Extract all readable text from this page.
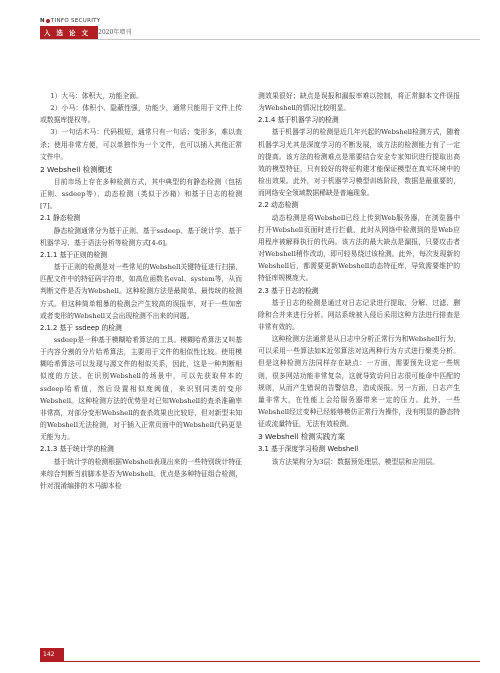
N TINFO SECURITY
入选论文 2020年增刊

1）大马：体积大，功能全面。

2）小马：体积小、隐蔽性强，功能少，通常只能用于文件上传或数据库提权等。

3）一句话木马：代码极短，通常只有一句话；变形多，难以查杀；使用非常方便，可以单独作为一个文件，也可以插入其他正常文件中。

2 Webshell 检测概述

目前市场上存在多种检测方式，其中典型的有静态检测（包括正则、ssdeep等）、动态检测（类似于沙箱）和基于日志的检测[7]。

2.1 静态检测

静态检测通常分为基于正则、基于ssdeep、基于统计学、基于机器学习、基于语法分析等检测方式[4-6]。

2.1.1 基于正则的检测

基于正则的检测是对一些常见的Webshell关键特征进行扫描，匹配文件中的特征码字符串，如高危函数名eval、system等，从而判断文件是否为Webshell。这种检测方法是最简单、最传统的检测方式。但这种简单粗暴的检测会产生较高的误报率，对于一些加密或者变形的Webshell又会出现检测不出来的问题。

2.1.2 基于 ssdeep 的检测

ssdeep是一种基于模糊哈希算法的工具。模糊哈希算法又叫基于内容分割的分片哈希算法，主要用于文件的相似性比较。使用模糊哈希算法可以发现与源文件的相似关系，因此，这是一种判断相似度的方法。在识别Webshell的场景中，可以先获取样本的ssdeep哈希值，然后设置相似度阈值，来识别同类的变形Webshell。这种检测方法的优势是对已知Webshell的查杀准确率非常高，对部分变形Webshell的查杀效果也比较好，但对新型未知的Webshell无法检测，对于插入正常页面中的Webshell代码更是无能为力。

2.1.3 基于统计学的检测

基于统计学的检测根据Webshell表现出来的一些特别统计特征来综合判断当前脚本是否为Webshell。优点是多种特征组合检测，针对混淆编排的木马脚本检

测效果很好；缺点是误报和漏报率难以控制，将正常脚本文件误报为Webshell的情况比较明显。

2.1.4 基于机器学习的检测

基于机器学习的检测是近几年兴起的Webshell检测方式，随着机器学习尤其是深度学习的不断发展，该方法的检测能力有了一定的提高。该方法的检测难点是需要结合安全专家知识进行提取出高效的模型特征，只有较好的特征构建才能保证模型在真实环境中的检出效果。此外，对于机器学习模型训练阶段，数据是最重要的，而网络安全领域数据稀缺是普遍现象。

2.2 动态检测

动态检测是将Webshell已经上传到Web服务器，在浏览器中打开Webshell页面时进行拦截，此时从网络中检测到的是Web应用程序被解释执行的代码。该方法的最大缺点是漏报，只要攻击者对Webshell稍作改动，即可轻易绕过该检测。此外，每次发现新的Webshell后，都需要更新Webshell动态特征库，导致需要维护的特征库规模庞大。

2.3 基于日志的检测

基于日志的检测是通过对日志记录进行提取、分解、过滤、删除和合并来进行分析。网站系统被入侵后采用这种方法进行排查是非常有效的。

这种检测方法通常是从日志中分析正常行为和Webshell行为，可以采用一些算法如K近邻算法对这两种行为方式进行聚类分析。但是这种检测方法同样存在缺点：一方面，需要预先设定一些规则，很多网站功能非常复杂，这就导致访问日志很可能命中匹配的规则，从而产生错误的告警信息，造成误报。另一方面，日志产生量非常大，在性能上会给服务器带来一定的压力。此外，一些Webshell经过变种已经能够模仿正常行为操作，没有明显的静态特征或流量特征，无法有效检测。

3 Webshell 检测实践方案
3.1 基于深度学习检测 Webshell

该方法架构分为3层：数据预处理层、模型层和应用层。

142
